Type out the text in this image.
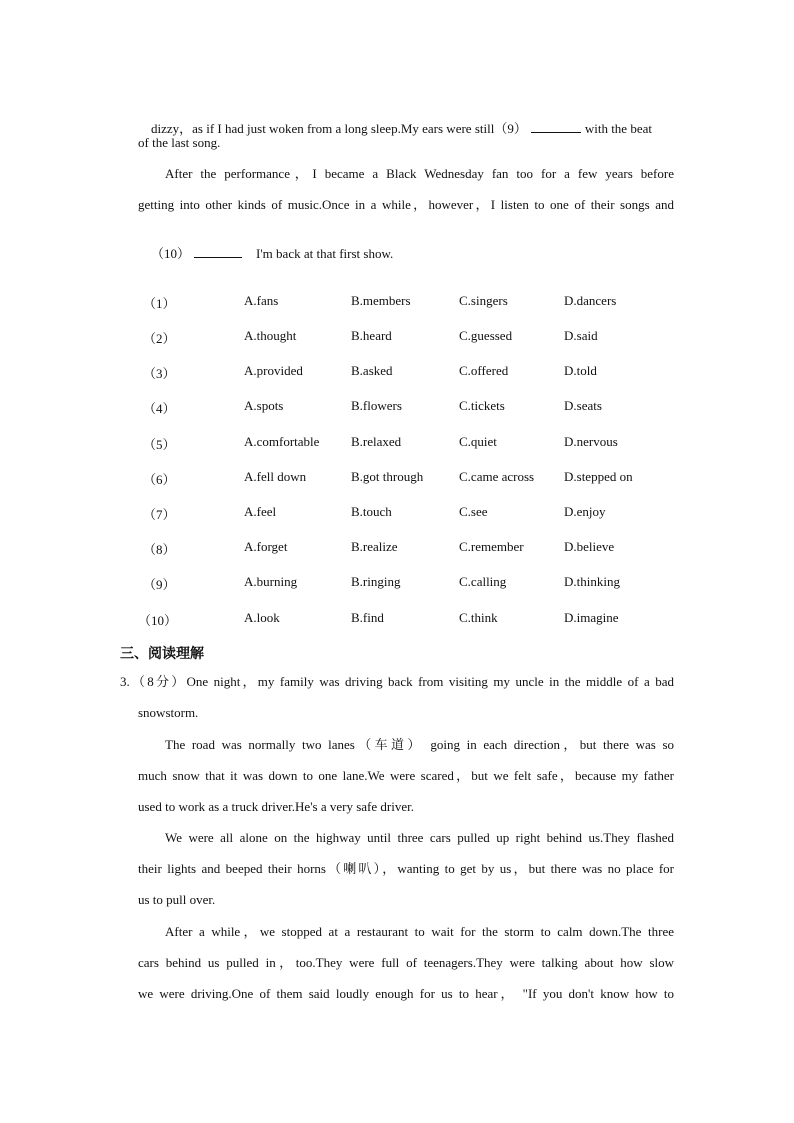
dizzy，as if I had just woken from a long sleep.My ears were still（9）	with the beat

of the last song.
After the performance，I became a Black Wednesday fan too for a few years before
getting into other kinds of music.Once in a while，however，I listen to one of their songs and

（10）	I'm back at that first show.

（1）	A.fans	B.members	C.singers	D.dancers
（2）	A.thought	B.heard	C.guessed	D.said
（3）	A.provided	B.asked	C.offered	D.told
（4）	A.spots	B.flowers	C.tickets	D.seats
（5）	A.comfortable B.relaxed	C.quiet	D.nervous
（6）	A.fell down	B.got through	C.came across D.stepped on
（7）	A.feel	B.touch	C.see	D.enjoy
（8）	A.forget	B.realize	C.remember	D.believe
（9）	A.burning	B.ringing	C.calling	D.thinking
（10）	A.look	B.find	C.think	D.imagine
三、阅读理解
3.（8分）One night，my family was driving back from visiting my uncle in the middle of a bad
snowstorm.
The road was normally two lanes（车道） going in each direction，but there was so
much snow that it was down to one lane.We were scared，but we felt safe，because my father
used to work as a truck driver.He's a very safe driver.
We were all alone on the highway until three cars pulled up right behind us.They flashed
their lights and beeped their horns（喇叭），wanting to get by us，but there was no place for
us to pull over.
After a while，we stopped at a restaurant to wait for the storm to calm down.The three
cars behind us pulled in，too.They were full of teenagers.They were talking about how slow
we were driving.One of them said loudly enough for us to hear， "If you don't know how to
